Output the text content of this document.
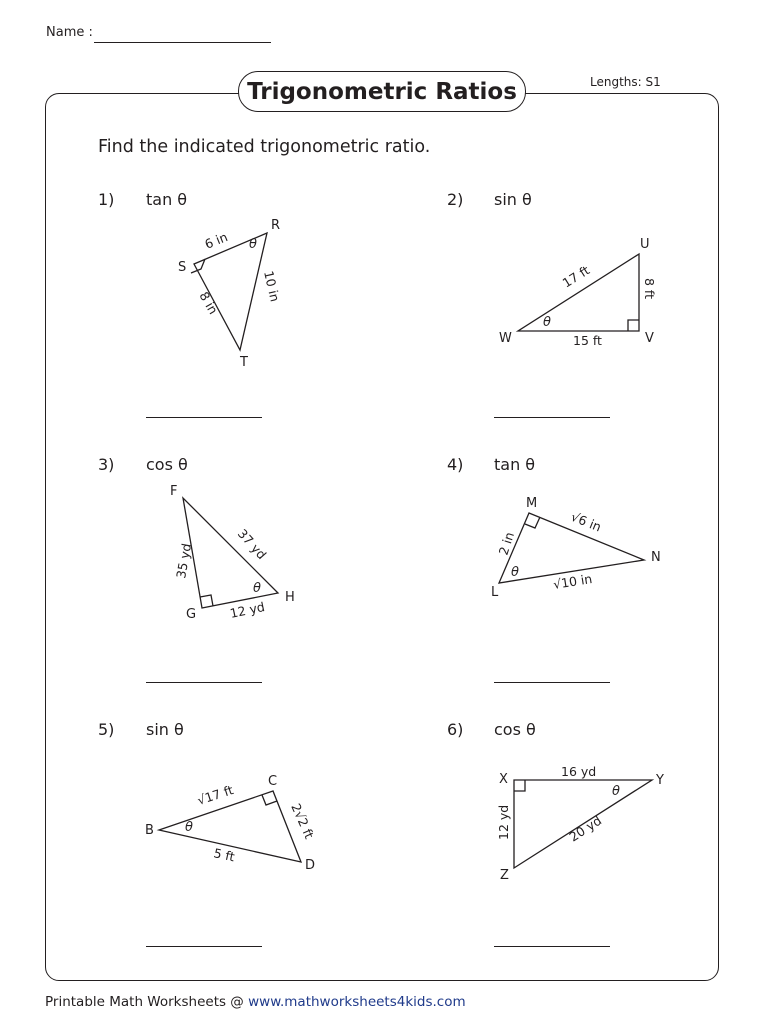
Name :
Lengths: S1
Trigonometric Ratios
Find the indicated trigonometric ratio.
1) tan θ	2) sin θ
3) cos θ	4) tan θ
5) sin θ	6) cos θ
S
R
T
6 in
10 in
8 in
θ	U
W	V
17 ft	8 ft
15 ft
θ
F
G
H
37 yd
35 yd
12 yd
θ
M
N
L
√6 in
2 in
√10 in
θ
C
B
D
√17 ft
2√2 ft
5 ft
θ
X	Y
Z
16 yd
12 yd	20 yd
θ
Printable Math Worksheets @ www.mathworksheets4kids.com
